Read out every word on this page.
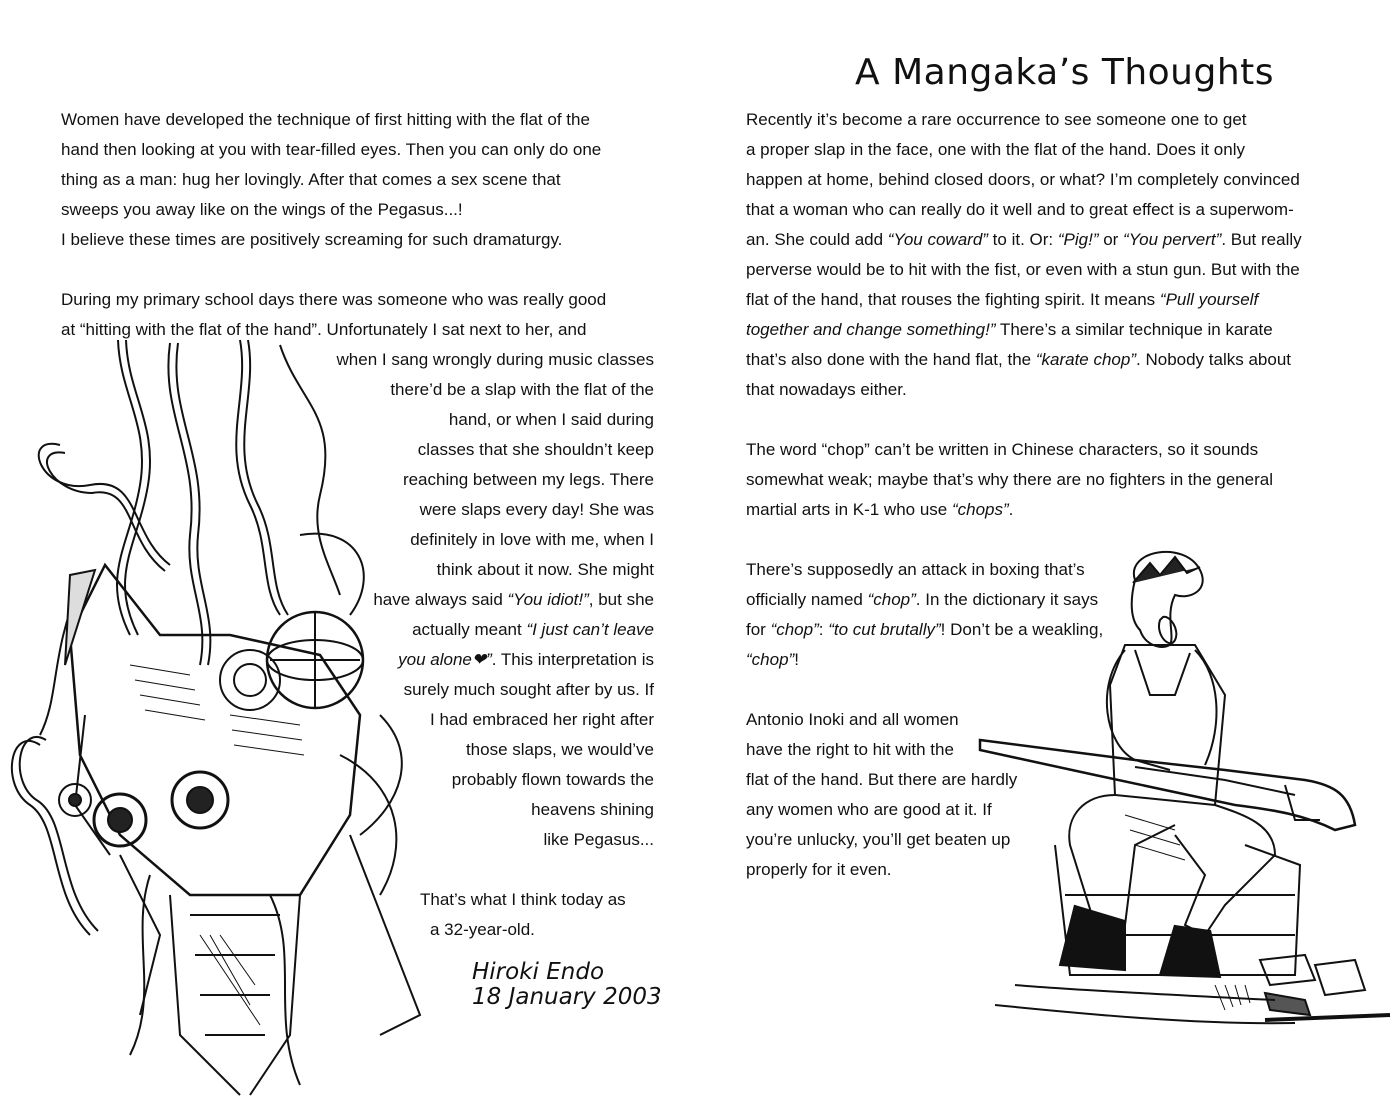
A Mangaka’s Thoughts
Women have developed the technique of first hitting with the flat of the
hand then looking at you with tear-filled eyes. Then you can only do one
thing as a man: hug her lovingly. After that comes a sex scene that
sweeps you away like on the wings of the Pegasus...!
I believe these times are positively screaming for such dramaturgy.
During my primary school days there was someone who was really good
at “hitting with the flat of the hand”. Unfortunately I sat next to her, and
when I sang wrongly during music classes
there’d be a slap with the flat of the
hand, or when I said during
classes that she shouldn’t keep
reaching between my legs. There
were slaps every day! She was
definitely in love with me, when I
think about it now. She might
have always said “You idiot!”, but she
actually meant “I just can’t leave
you alone❤”. This interpretation is
surely much sought after by us. If
I had embraced her right after
those slaps, we would’ve
probably flown towards the
heavens shining
like Pegasus...
That’s what I think today as
a 32-year-old.
Recently it’s become a rare occurrence to see someone one to get
a proper slap in the face, one with the flat of the hand. Does it only
happen at home, behind closed doors, or what? I’m completely convinced
that a woman who can really do it well and to great effect is a superwom-
an. She could add “You coward” to it. Or: “Pig!” or “You pervert”. But really
perverse would be to hit with the fist, or even with a stun gun. But with the
flat of the hand, that rouses the fighting spirit. It means “Pull yourself
together and change something!” There’s a similar technique in karate
that’s also done with the hand flat, the “karate chop”. Nobody talks about
that nowadays either.
The word “chop” can’t be written in Chinese characters, so it sounds
somewhat weak; maybe that’s why there are no fighters in the general
martial arts in K-1 who use “chops”.
There’s supposedly an attack in boxing that’s
officially named “chop”. In the dictionary it says
for “chop”: “to cut brutally”! Don’t be a weakling,
“chop”!
Antonio Inoki and all women
have the right to hit with the
flat of the hand. But there are hardly
any women who are good at it. If
you’re unlucky, you’ll get beaten up
properly for it even.
Hiroki Endo
18 January 2003
